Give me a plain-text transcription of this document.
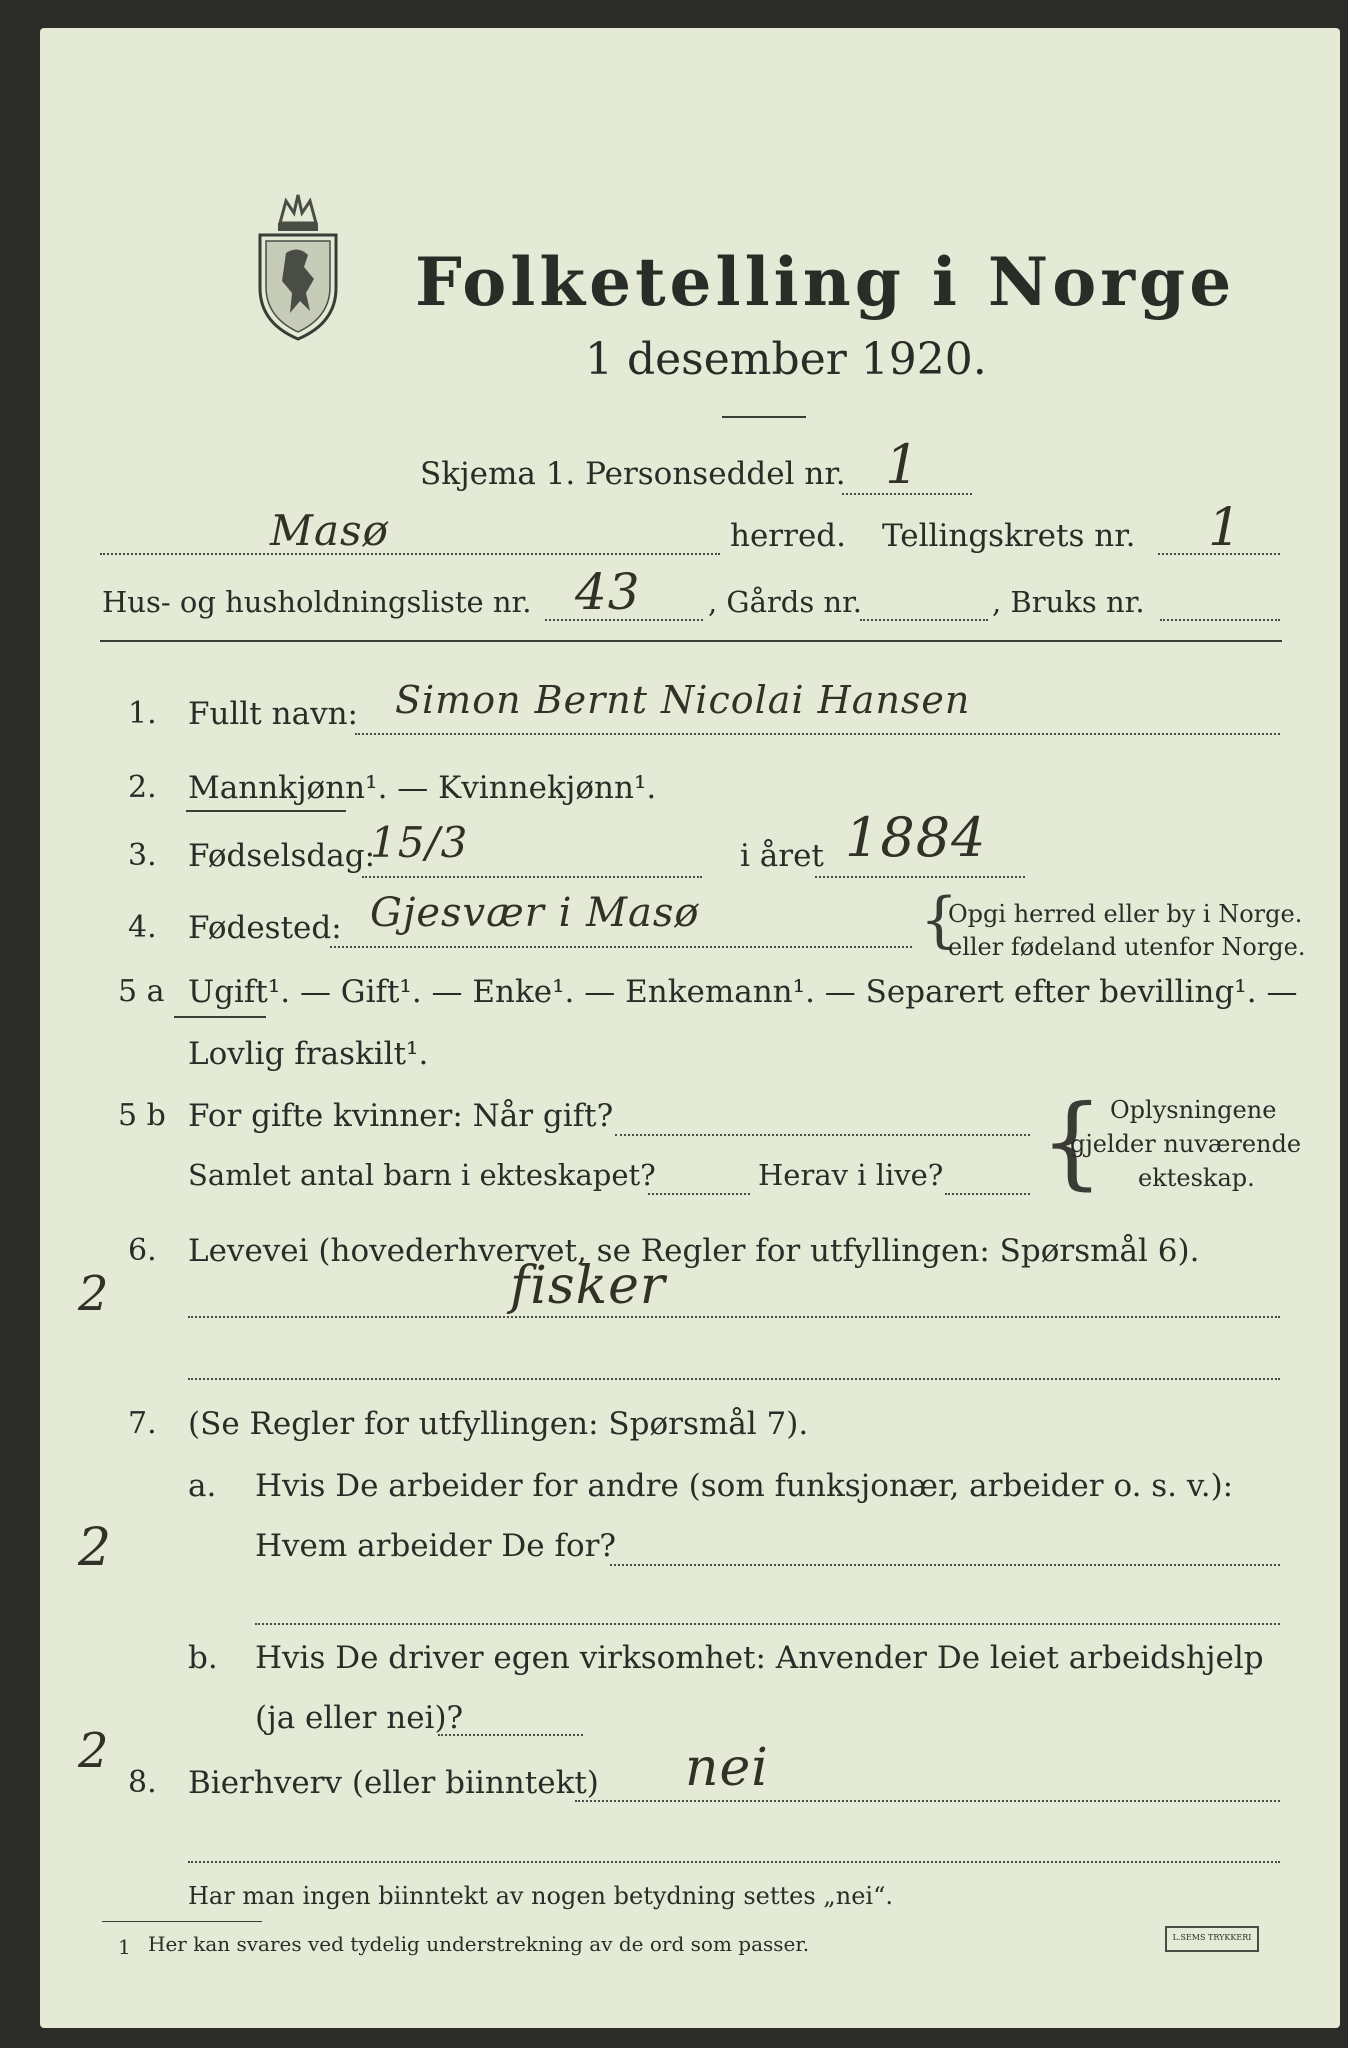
Folketelling i Norge
1 desember 1920.
Skjema 1. Personseddel nr. 1
Masø	herred. Tellingskrets nr. 1
Hus- og husholdningsliste nr. 43 , Gårds nr.	, Bruks nr.
1. Fullt navn: Simon Bernt Nicolai Hansen
2. Mannkjønn¹. — Kvinnekjønn¹.
3. Fødselsdag:
15/3	i året 1884
4. Fødested: Gjesvær i Masø	{
Opgi herred eller by i Norge.
eller fødeland utenfor Norge.
5 a Ugift¹. — Gift¹. — Enke¹. — Enkemann¹. — Separert efter bevilling¹. —
Lovlig fraskilt¹.
5 b For gifte kvinner: Når gift?
Samlet antal barn i ekteskapet?	Herav i live? { Oplysningene
gjelder nuværende
ekteskap.
2
6. Levevei (hovederhvervet, se Regler for utfyllingen: Spørsmål 6).
fisker
7. (Se Regler for utfyllingen: Spørsmål 7).
a. Hvis De arbeider for andre (som funksjonær, arbeider o. s. v.):
2	Hvem arbeider De for?
b. Hvis De driver egen virksomhet: Anvender De leiet arbeidshjelp
(ja eller nei)?
2
8. Bierhverv (eller biinntekt) nei
Har man ingen biinntekt av nogen betydning settes „nei“.
1 Her kan svares ved tydelig understrekning av de ord som passer.	L.SEMS TRYKKERI
